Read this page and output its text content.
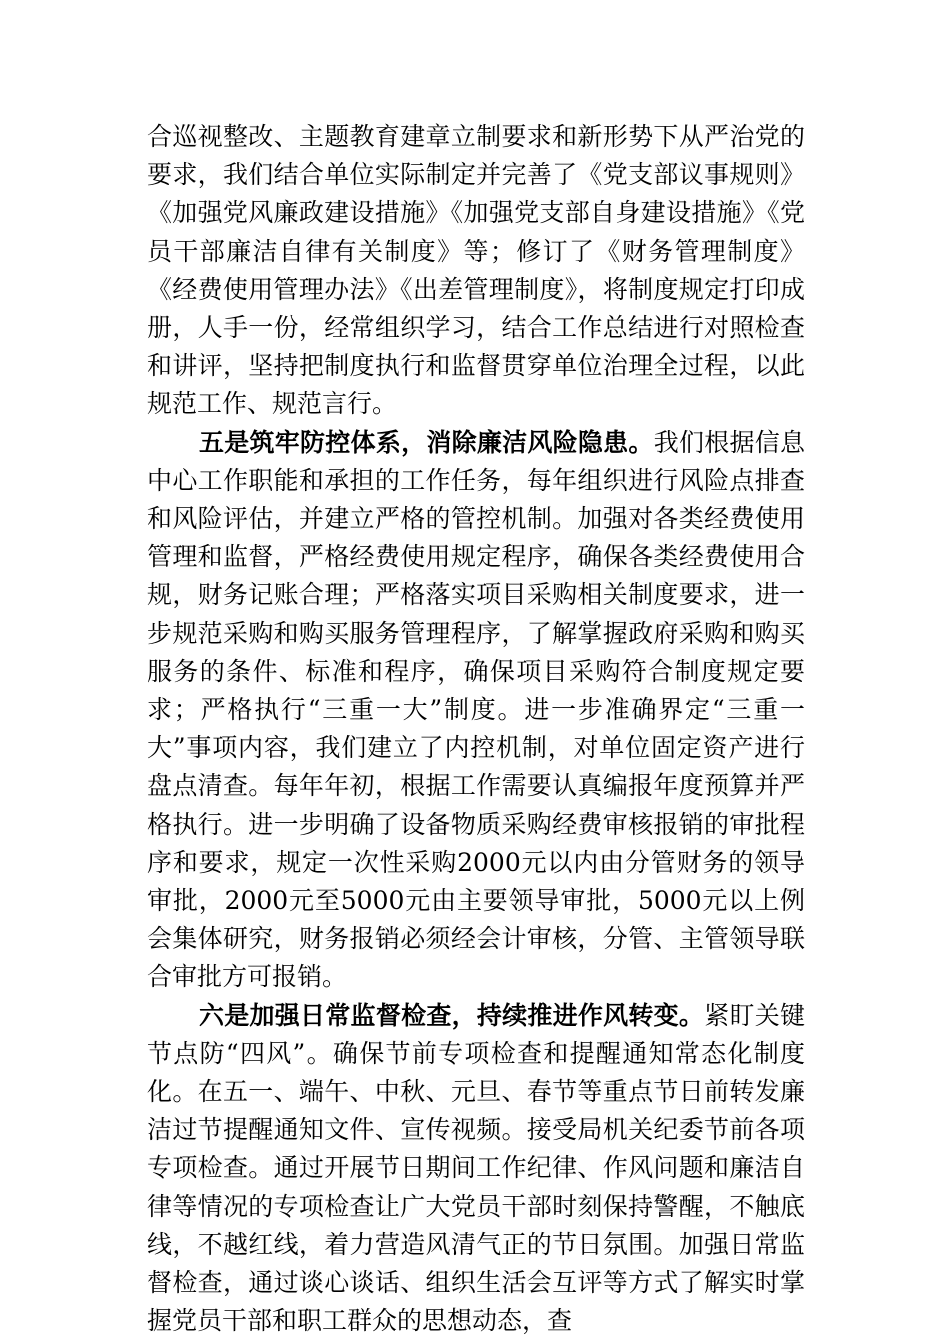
合巡视整改、主题教育建章立制要求和新形势下从严治党的要求，我们结合单位实际制定并完善了《党支部议事规则》《加强党风廉政建设措施》《加强党支部自身建设措施》《党员干部廉洁自律有关制度》等；修订了《财务管理制度》《经费使用管理办法》《出差管理制度》，将制度规定打印成册，人手一份，经常组织学习，结合工作总结进行对照检查和讲评，坚持把制度执行和监督贯穿单位治理全过程，以此规范工作、规范言行。

五是筑牢防控体系，消除廉洁风险隐患。我们根据信息中心工作职能和承担的工作任务，每年组织进行风险点排查和风险评估，并建立严格的管控机制。加强对各类经费使用管理和监督，严格经费使用规定程序，确保各类经费使用合规，财务记账合理；严格落实项目采购相关制度要求，进一步规范采购和购买服务管理程序，了解掌握政府采购和购买服务的条件、标准和程序，确保项目采购符合制度规定要求；严格执行“三重一大”制度。进一步准确界定“三重一大”事项内容，我们建立了内控机制，对单位固定资产进行盘点清查。每年年初，根据工作需要认真编报年度预算并严格执行。进一步明确了设备物质采购经费审核报销的审批程序和要求，规定一次性采购2000元以内由分管财务的领导审批，2000元至5000元由主要领导审批，5000元以上例会集体研究，财务报销必须经会计审核，分管、主管领导联合审批方可报销。

六是加强日常监督检查，持续推进作风转变。紧盯关键节点防“四风”。确保节前专项检查和提醒通知常态化制度化。在五一、端午、中秋、元旦、春节等重点节日前转发廉洁过节提醒通知文件、宣传视频。接受局机关纪委节前各项专项检查。通过开展节日期间工作纪律、作风问题和廉洁自律等情况的专项检查让广大党员干部时刻保持警醒，不触底线，不越红线，着力营造风清气正的节日氛围。加强日常监督检查，通过谈心谈话、组织生活会互评等方式了解实时掌握党员干部和职工群众的思想动态，查
